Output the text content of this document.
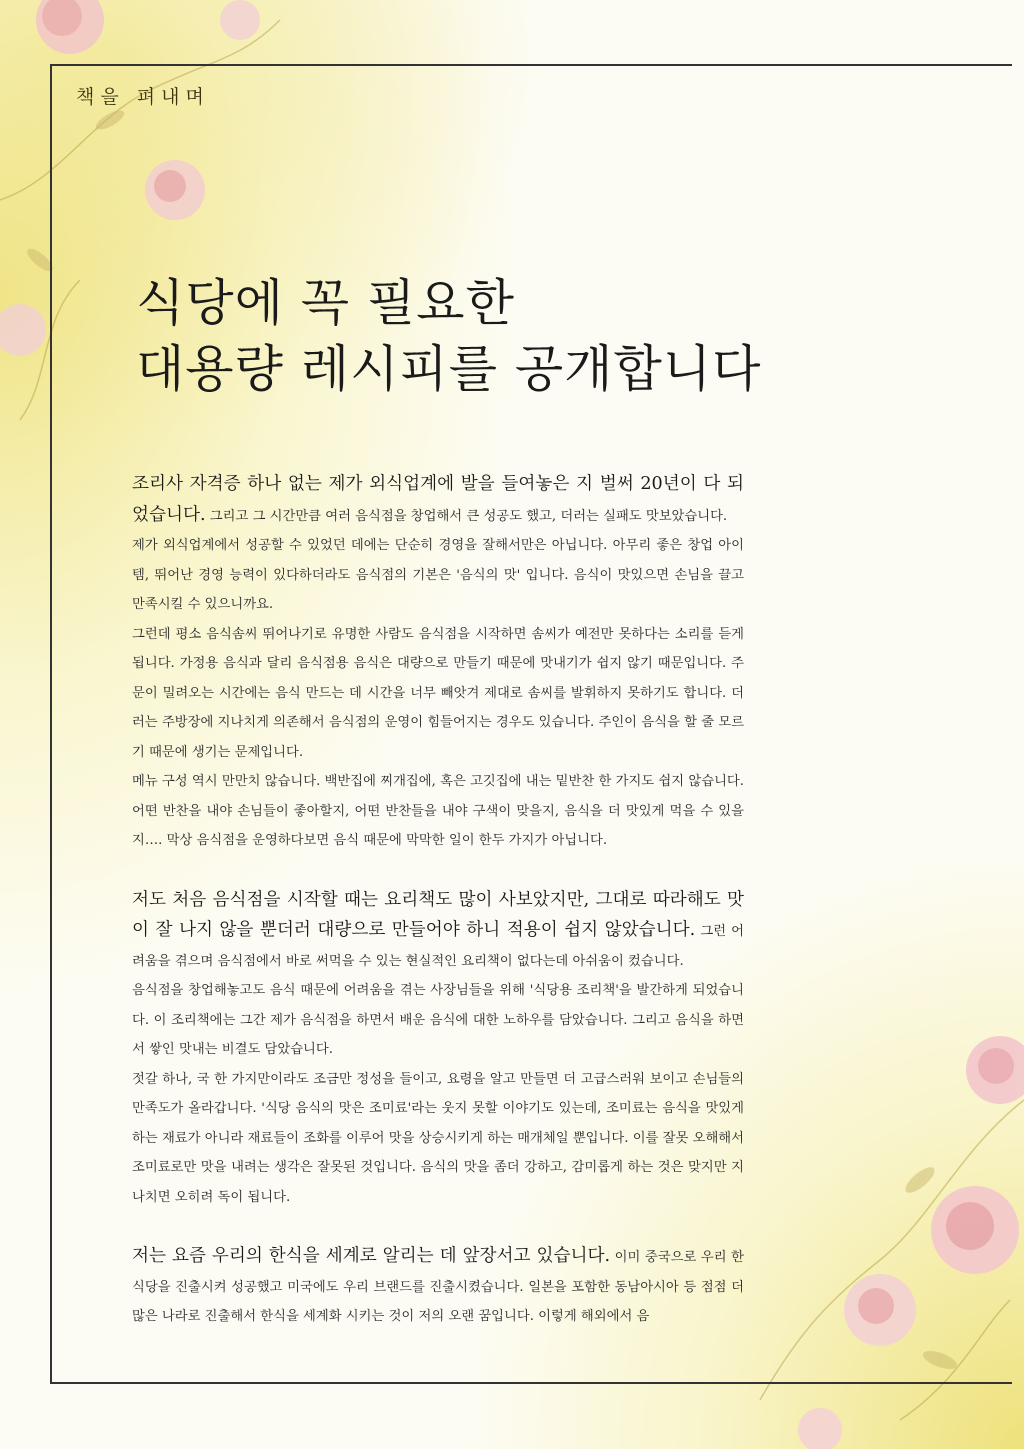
책을 펴내며
식당에 꼭 필요한
대용량 레시피를 공개합니다

조리사 자격증 하나 없는 제가 외식업계에 발을 들여놓은 지 벌써 20년이 다 되었습니다. 그리고 그 시간만큼 여러 음식점을 창업해서 큰 성공도 했고, 더러는 실패도 맛보았습니다.

제가 외식업계에서 성공할 수 있었던 데에는 단순히 경영을 잘해서만은 아닙니다. 아무리 좋은 창업 아이템, 뛰어난 경영 능력이 있다하더라도 음식점의 기본은 '음식의 맛' 입니다. 음식이 맛있으면 손님을 끌고 만족시킬 수 있으니까요.

그런데 평소 음식솜씨 뛰어나기로 유명한 사람도 음식점을 시작하면 솜씨가 예전만 못하다는 소리를 듣게 됩니다. 가정용 음식과 달리 음식점용 음식은 대량으로 만들기 때문에 맛내기가 쉽지 않기 때문입니다. 주문이 밀려오는 시간에는 음식 만드는 데 시간을 너무 빼앗겨 제대로 솜씨를 발휘하지 못하기도 합니다. 더러는 주방장에 지나치게 의존해서 음식점의 운영이 힘들어지는 경우도 있습니다. 주인이 음식을 할 줄 모르기 때문에 생기는 문제입니다.

메뉴 구성 역시 만만치 않습니다. 백반집에 찌개집에, 혹은 고깃집에 내는 밑반찬 한 가지도 쉽지 않습니다. 어떤 반찬을 내야 손님들이 좋아할지, 어떤 반찬들을 내야 구색이 맞을지, 음식을 더 맛있게 먹을 수 있을지…. 막상 음식점을 운영하다보면 음식 때문에 막막한 일이 한두 가지가 아닙니다.

저도 처음 음식점을 시작할 때는 요리책도 많이 사보았지만, 그대로 따라해도 맛이 잘 나지 않을 뿐더러 대량으로 만들어야 하니 적용이 쉽지 않았습니다. 그런 어려움을 겪으며 음식점에서 바로 써먹을 수 있는 현실적인 요리책이 없다는데 아쉬움이 컸습니다.

음식점을 창업해놓고도 음식 때문에 어려움을 겪는 사장님들을 위해 '식당용 조리책'을 발간하게 되었습니다. 이 조리책에는 그간 제가 음식점을 하면서 배운 음식에 대한 노하우를 담았습니다. 그리고 음식을 하면서 쌓인 맛내는 비결도 담았습니다.

젓갈 하나, 국 한 가지만이라도 조금만 정성을 들이고, 요령을 알고 만들면 더 고급스러워 보이고 손님들의 만족도가 올라갑니다. '식당 음식의 맛은 조미료'라는 웃지 못할 이야기도 있는데, 조미료는 음식을 맛있게 하는 재료가 아니라 재료들이 조화를 이루어 맛을 상승시키게 하는 매개체일 뿐입니다. 이를 잘못 오해해서 조미료로만 맛을 내려는 생각은 잘못된 것입니다. 음식의 맛을 좀더 강하고, 감미롭게 하는 것은 맞지만 지나치면 오히려 독이 됩니다.

저는 요즘 우리의 한식을 세계로 알리는 데 앞장서고 있습니다. 이미 중국으로 우리 한식당을 진출시켜 성공했고 미국에도 우리 브랜드를 진출시켰습니다. 일본을 포함한 동남아시아 등 점점 더 많은 나라로 진출해서 한식을 세계화 시키는 것이 저의 오랜 꿈입니다. 이렇게 해외에서 음
